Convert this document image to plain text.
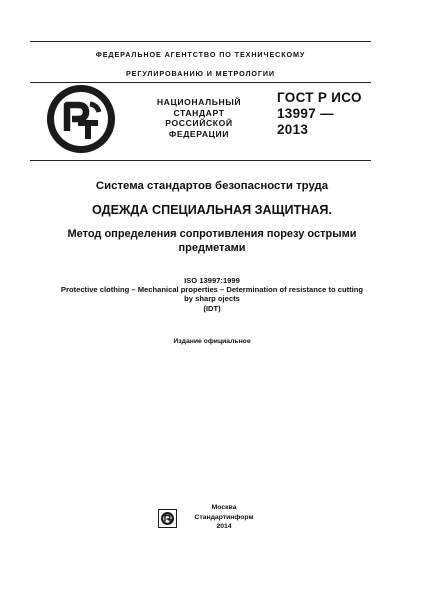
ФЕДЕРАЛЬНОЕ АГЕНТСТВО ПО ТЕХНИЧЕСКОМУ
РЕГУЛИРОВАНИЮ И МЕТРОЛОГИИ
НАЦИОНАЛЬНЫЙ
СТАНДАРТ
РОССИЙСКОЙ
ФЕДЕРАЦИИ
ГОСТ Р ИСО
13997 —
2013
Система стандартов безопасности труда
ОДЕЖДА СПЕЦИАЛЬНАЯ ЗАЩИТНАЯ.
Метод определения сопротивления порезу острыми
предметами
ISO 13997:1999
Protective clothing – Mechanical properties – Determination of resistance to cutting
by sharp ojects
(IDT)
Издание официальное
Москва
Стандартинформ
2014
